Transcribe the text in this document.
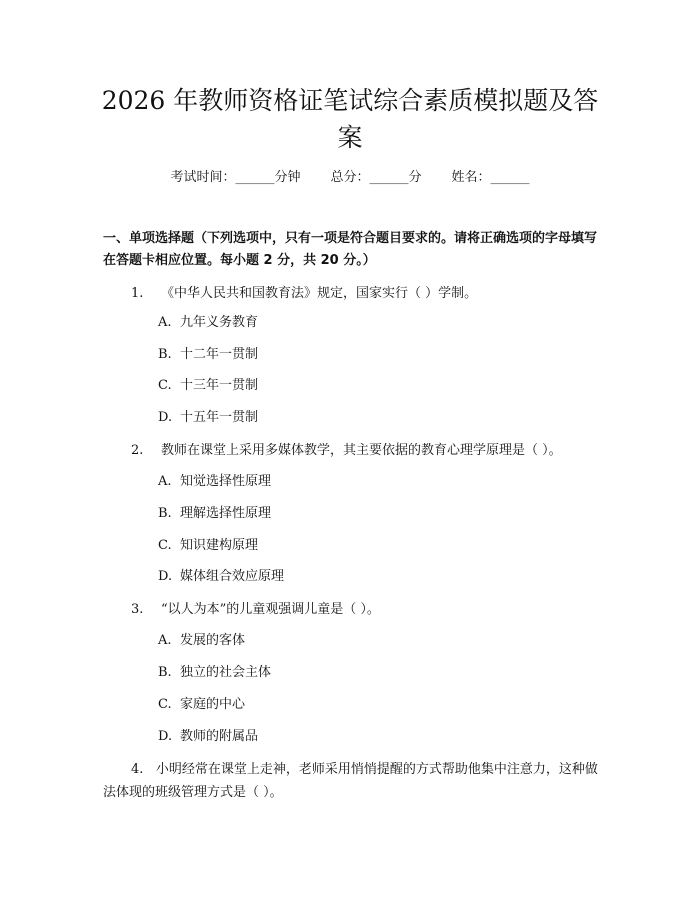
2026 年教师资格证笔试综合素质模拟题及答案
考试时间：______分钟 总分：______分 姓名：______

一、单项选择题（下列选项中，只有一项是符合题目要求的。请将正确选项的字母填写在答题卡相应位置。每小题 2 分，共 20 分。）

1. 《中华人民共和国教育法》规定，国家实行（ ）学制。

A. 九年义务教育
B. 十二年一贯制
C. 十三年一贯制
D. 十五年一贯制

2. 教师在课堂上采用多媒体教学，其主要依据的教育心理学原理是（ ）。

A. 知觉选择性原理
B. 理解选择性原理
C. 知识建构原理
D. 媒体组合效应原理

3. “以人为本”的儿童观强调儿童是（ ）。

A. 发展的客体
B. 独立的社会主体
C. 家庭的中心
D. 教师的附属品

4. 小明经常在课堂上走神，老师采用悄悄提醒的方式帮助他集中注意力，这种做法体现的班级管理方式是（ ）。
